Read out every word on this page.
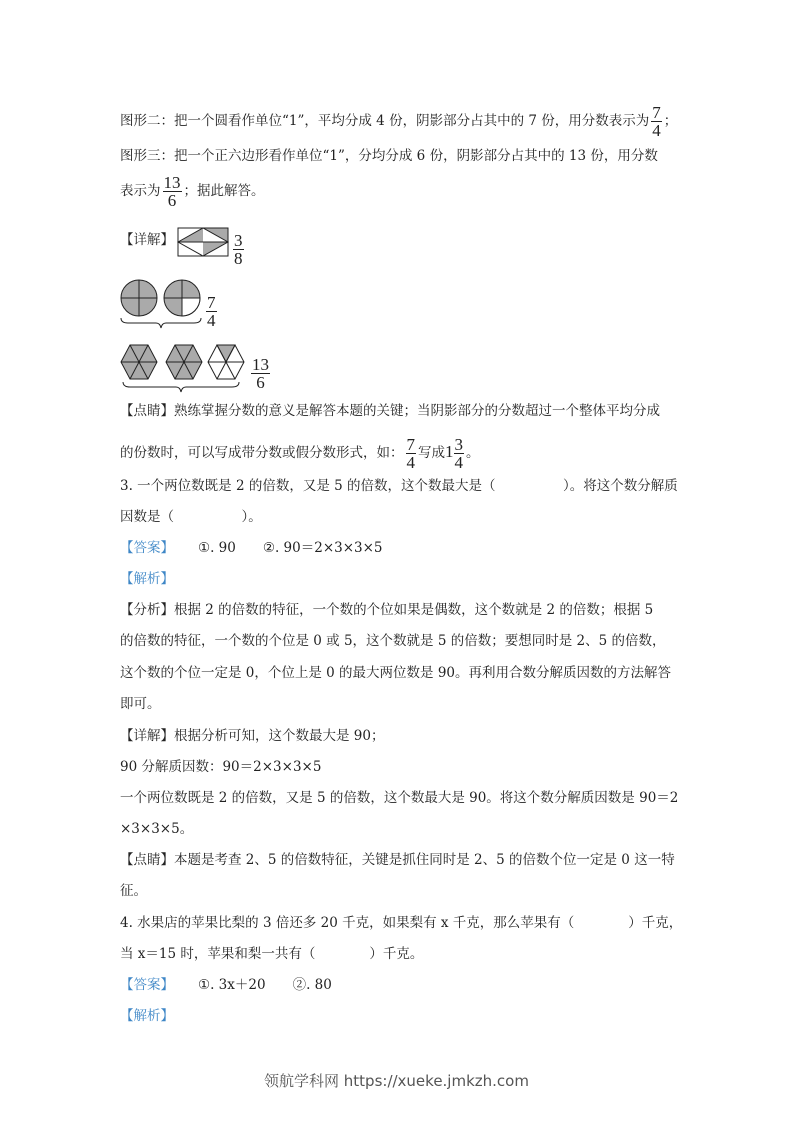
图形二：把一个圆看作单位“1”，平均分成 4 份，阴影部分占其中的 7 份，用分数表示为 $\frac{7}{4}$ ；
图形三：把一个正六边形看作单位“1”，分均分成 6 份，阴影部分占其中的 13 份，用分数
表示为 $\frac{13}{6}$ ；据此解答。
【详解】	$\frac{3}{8}$
$\frac{7}{4}$
$\frac{13}{6}$
【点睛】熟练掌握分数的意义是解答本题的关键；当阴影部分的分数超过一个整体平均分成
的份数时，可以写成带分数或假分数形式，如： $\frac{7}{4}$ 写成$1 \frac{3}{4}$ 。
3. 一个两位数既是 2 的倍数，又是 5 的倍数，这个数最大是（　　　　　）。将这个数分解质
因数是（　　　　　）。
【答案】 ①. 90　　②. 90＝2×3×3×5
【解析】
【分析】根据 2 的倍数的特征，一个数的个位如果是偶数，这个数就是 2 的倍数；根据 5
的倍数的特征，一个数的个位是 0 或 5，这个数就是 5 的倍数；要想同时是 2、5 的倍数，
这个数的个位一定是 0，个位上是 0 的最大两位数是 90。再利用合数分解质因数的方法解答
即可。
【详解】根据分析可知，这个数最大是 90；
90 分解质因数：90＝2×3×3×5
一个两位数既是 2 的倍数，又是 5 的倍数，这个数最大是 90。将这个数分解质因数是 90＝2
×3×3×5。
【点睛】本题是考查 2、5 的倍数特征，关键是抓住同时是 2、5 的倍数个位一定是 0 这一特
征。
4. 水果店的苹果比梨的 3 倍还多 20 千克，如果梨有 x 千克，那么苹果有（　　　　）千克，
当 x＝15 时，苹果和梨一共有（　　　　）千克。
【答案】 ①. 3x＋20　　②. 80
【解析】
领航学科网 https://xueke.jmkzh.com
